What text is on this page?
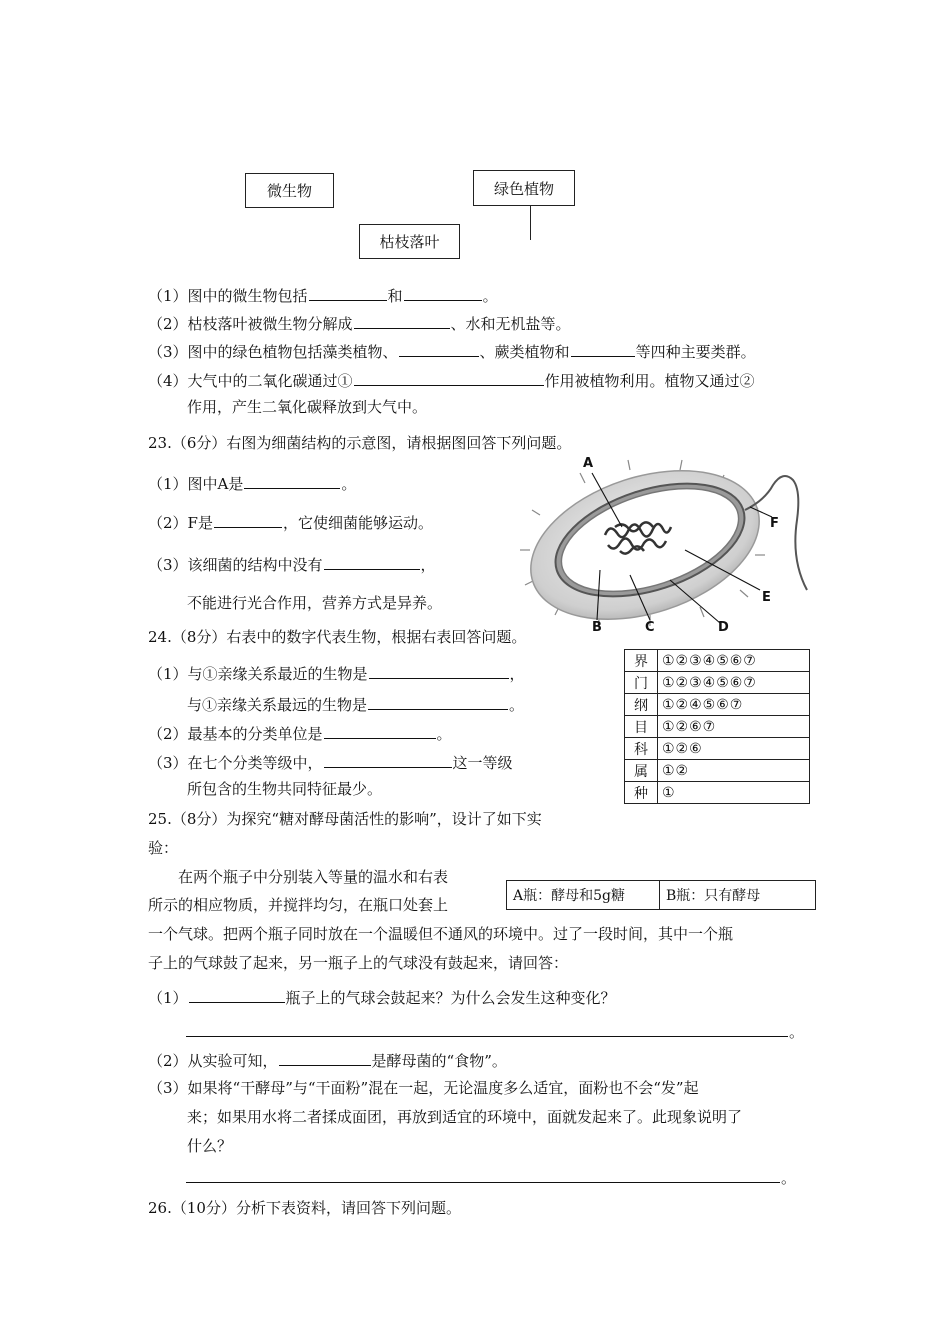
微生物	绿色植物
枯枝落叶
（1）图中的微生物包括	和	。
（2）枯枝落叶被微生物分解成	、水和无机盐等。
（3）图中的绿色植物包括藻类植物、	、蕨类植物和	等四种主要类群。
（4）大气中的二氧化碳通过①	作用被植物利用。植物又通过②
作用，产生二氧化碳释放到大气中。
23.（6分）右图为细菌结构的示意图，请根据图回答下列问题。
（1）图中A是	。
（2）F是	，它使细菌能够运动。
（3）该细菌的结构中没有	，
不能进行光合作用，营养方式是异养。
A
F
E
B	C	D
24.（8分）右表中的数字代表生物，根据右表回答问题。
（1）与①亲缘关系最近的生物是	，
与①亲缘关系最远的生物是	。
（2）最基本的分类单位是	。
（3）在七个分类等级中，	这一等级
所包含的生物共同特征最少。
界	①②③④⑤⑥⑦
门	①②③④⑤⑥⑦
纲	①②④⑤⑥⑦
目	①②⑥⑦
科	①②⑥
属	①②
种	①
25.（8分）为探究“糖对酵母菌活性的影响”，设计了如下实
验：
在两个瓶子中分别装入等量的温水和右表
所示的相应物质，并搅拌均匀，在瓶口处套上
一个气球。把两个瓶子同时放在一个温暖但不通风的环境中。过了一段时间，其中一个瓶
子上的气球鼓了起来，另一瓶子上的气球没有鼓起来，请回答：
A瓶：酵母和5g糖	B瓶：只有酵母
（1）	瓶子上的气球会鼓起来？为什么会发生这种变化？
。
（2）从实验可知，	是酵母菌的“食物”。
（3）如果将“干酵母”与“干面粉”混在一起，无论温度多么适宜，面粉也不会“发”起
来；如果用水将二者揉成面团，再放到适宜的环境中，面就发起来了。此现象说明了
什么？
。
26.（10分）分析下表资料，请回答下列问题。
